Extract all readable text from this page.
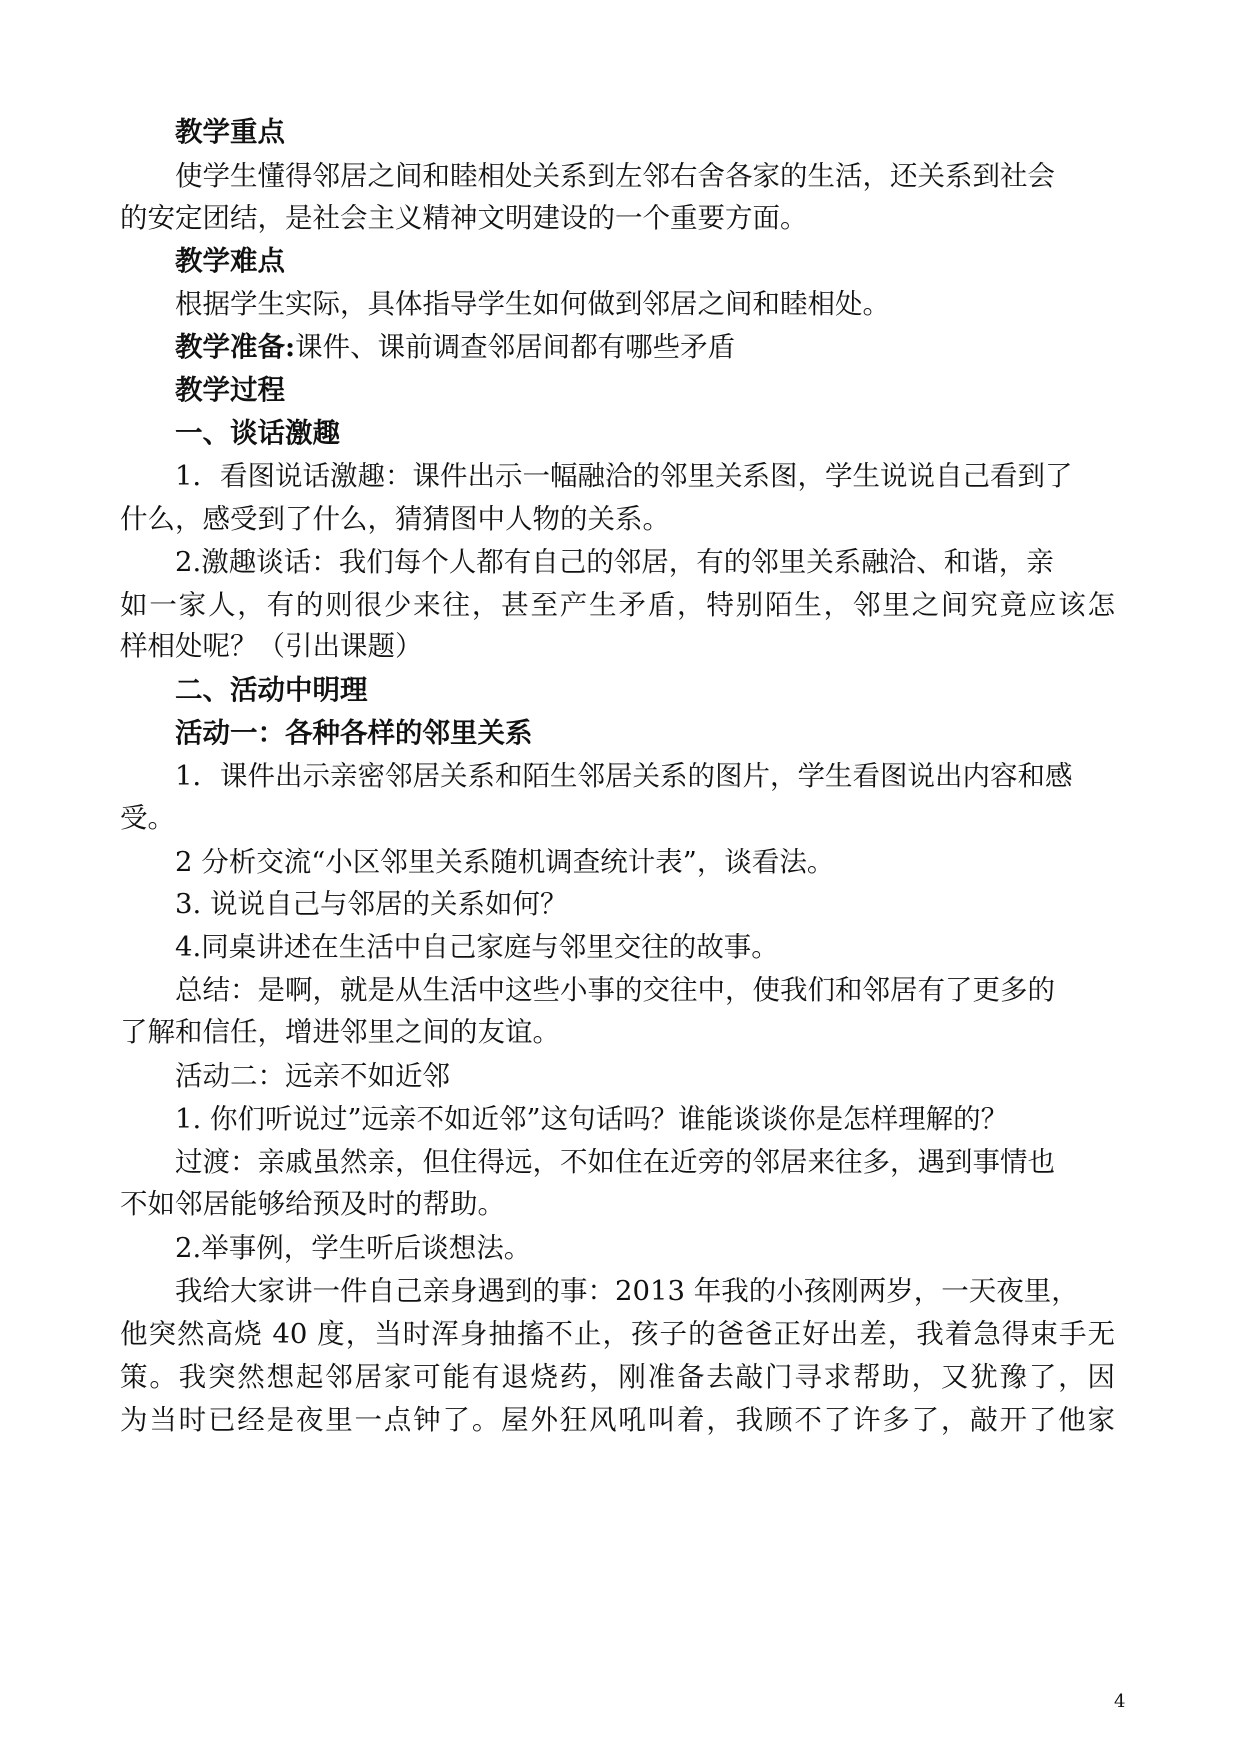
教学重点
使学生懂得邻居之间和睦相处关系到左邻右舍各家的生活，还关系到社会
的安定团结，是社会主义精神文明建设的一个重要方面。
教学难点
根据学生实际，具体指导学生如何做到邻居之间和睦相处。
教学准备:课件、课前调查邻居间都有哪些矛盾
教学过程
一、谈话激趣
1．看图说话激趣：课件出示一幅融洽的邻里关系图，学生说说自己看到了
什么，感受到了什么，猜猜图中人物的关系。
2.激趣谈话：我们每个人都有自己的邻居，有的邻里关系融洽、和谐，亲
如一家人，有的则很少来往，甚至产生矛盾，特别陌生，邻里之间究竟应该怎
样相处呢？（引出课题）
二、活动中明理
活动一：各种各样的邻里关系
1．课件出示亲密邻居关系和陌生邻居关系的图片，学生看图说出内容和感
受。
2 分析交流“小区邻里关系随机调查统计表”，谈看法。
3. 说说自己与邻居的关系如何？
4.同桌讲述在生活中自己家庭与邻里交往的故事。
总结：是啊，就是从生活中这些小事的交往中，使我们和邻居有了更多的
了解和信任，增进邻里之间的友谊。
活动二：远亲不如近邻
1. 你们听说过”远亲不如近邻”这句话吗？谁能谈谈你是怎样理解的？
过渡：亲戚虽然亲，但住得远，不如住在近旁的邻居来往多，遇到事情也
不如邻居能够给预及时的帮助。
2.举事例，学生听后谈想法。
我给大家讲一件自己亲身遇到的事：2013 年我的小孩刚两岁，一天夜里，
他突然高烧 40 度，当时浑身抽搐不止，孩子的爸爸正好出差，我着急得束手无
策。我突然想起邻居家可能有退烧药，刚准备去敲门寻求帮助，又犹豫了，因
为当时已经是夜里一点钟了。屋外狂风吼叫着，我顾不了许多了，敲开了他家
4
